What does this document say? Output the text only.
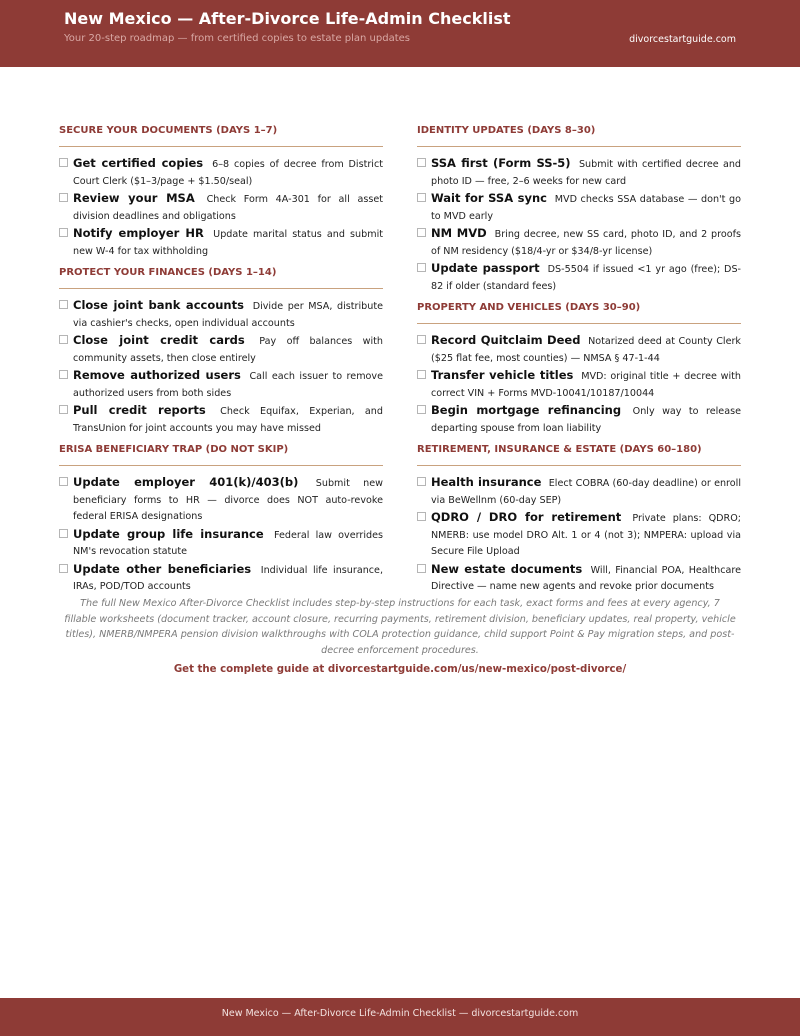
New Mexico — After-Divorce Life-Admin Checklist
Your 20-step roadmap — from certified copies to estate plan updates	divorcestartguide.com
SECURE YOUR DOCUMENTS (DAYS 1–7)
Get certified copies 6–8 copies of decree from District Court Clerk ($1–3/page + $1.50/seal)
Review your MSA Check Form 4A-301 for all asset division deadlines and obligations
Notify employer HR Update marital status and submit new W-4 for tax withholding
PROTECT YOUR FINANCES (DAYS 1–14)
Close joint bank accounts Divide per MSA, distribute via cashier's checks, open individual accounts
Close joint credit cards Pay off balances with community assets, then close entirely
Remove authorized users Call each issuer to remove authorized users from both sides
Pull credit reports Check Equifax, Experian, and TransUnion for joint accounts you may have missed
ERISA BENEFICIARY TRAP (DO NOT SKIP)
Update employer 401(k)/403(b) Submit new beneficiary forms to HR — divorce does NOT auto-revoke federal ERISA designations
Update group life insurance Federal law overrides NM's revocation statute
Update other beneficiaries Individual life insurance, IRAs, POD/TOD accounts
IDENTITY UPDATES (DAYS 8–30)
SSA first (Form SS-5) Submit with certified decree and photo ID — free, 2–6 weeks for new card
Wait for SSA sync MVD checks SSA database — don't go to MVD early
NM MVD Bring decree, new SS card, photo ID, and 2 proofs of NM residency ($18/4-yr or $34/8-yr license)
Update passport DS-5504 if issued <1 yr ago (free); DS-82 if older (standard fees)
PROPERTY AND VEHICLES (DAYS 30–90)
Record Quitclaim Deed Notarized deed at County Clerk ($25 flat fee, most counties) — NMSA § 47-1-44
Transfer vehicle titles MVD: original title + decree with correct VIN + Forms MVD-10041/10187/10044
Begin mortgage refinancing Only way to release departing spouse from loan liability
RETIREMENT, INSURANCE & ESTATE (DAYS 60–180)
Health insurance Elect COBRA (60-day deadline) or enroll via BeWellnm (60-day SEP)
QDRO / DRO for retirement Private plans: QDRO; NMERB: use model DRO Alt. 1 or 4 (not 3); NMPERA: upload via Secure File Upload
New estate documents Will, Financial POA, Healthcare Directive — name new agents and revoke prior documents
The full New Mexico After-Divorce Checklist includes step-by-step instructions for each task, exact forms and fees at every agency, 7 fillable worksheets (document tracker, account closure, recurring payments, retirement division, beneficiary updates, real property, vehicle titles), NMERB/NMPERA pension division walkthroughs with COLA protection guidance, child support Point & Pay migration steps, and post-decree enforcement procedures.
Get the complete guide at divorcestartguide.com/us/new-mexico/post-divorce/
New Mexico — After-Divorce Life-Admin Checklist — divorcestartguide.com
